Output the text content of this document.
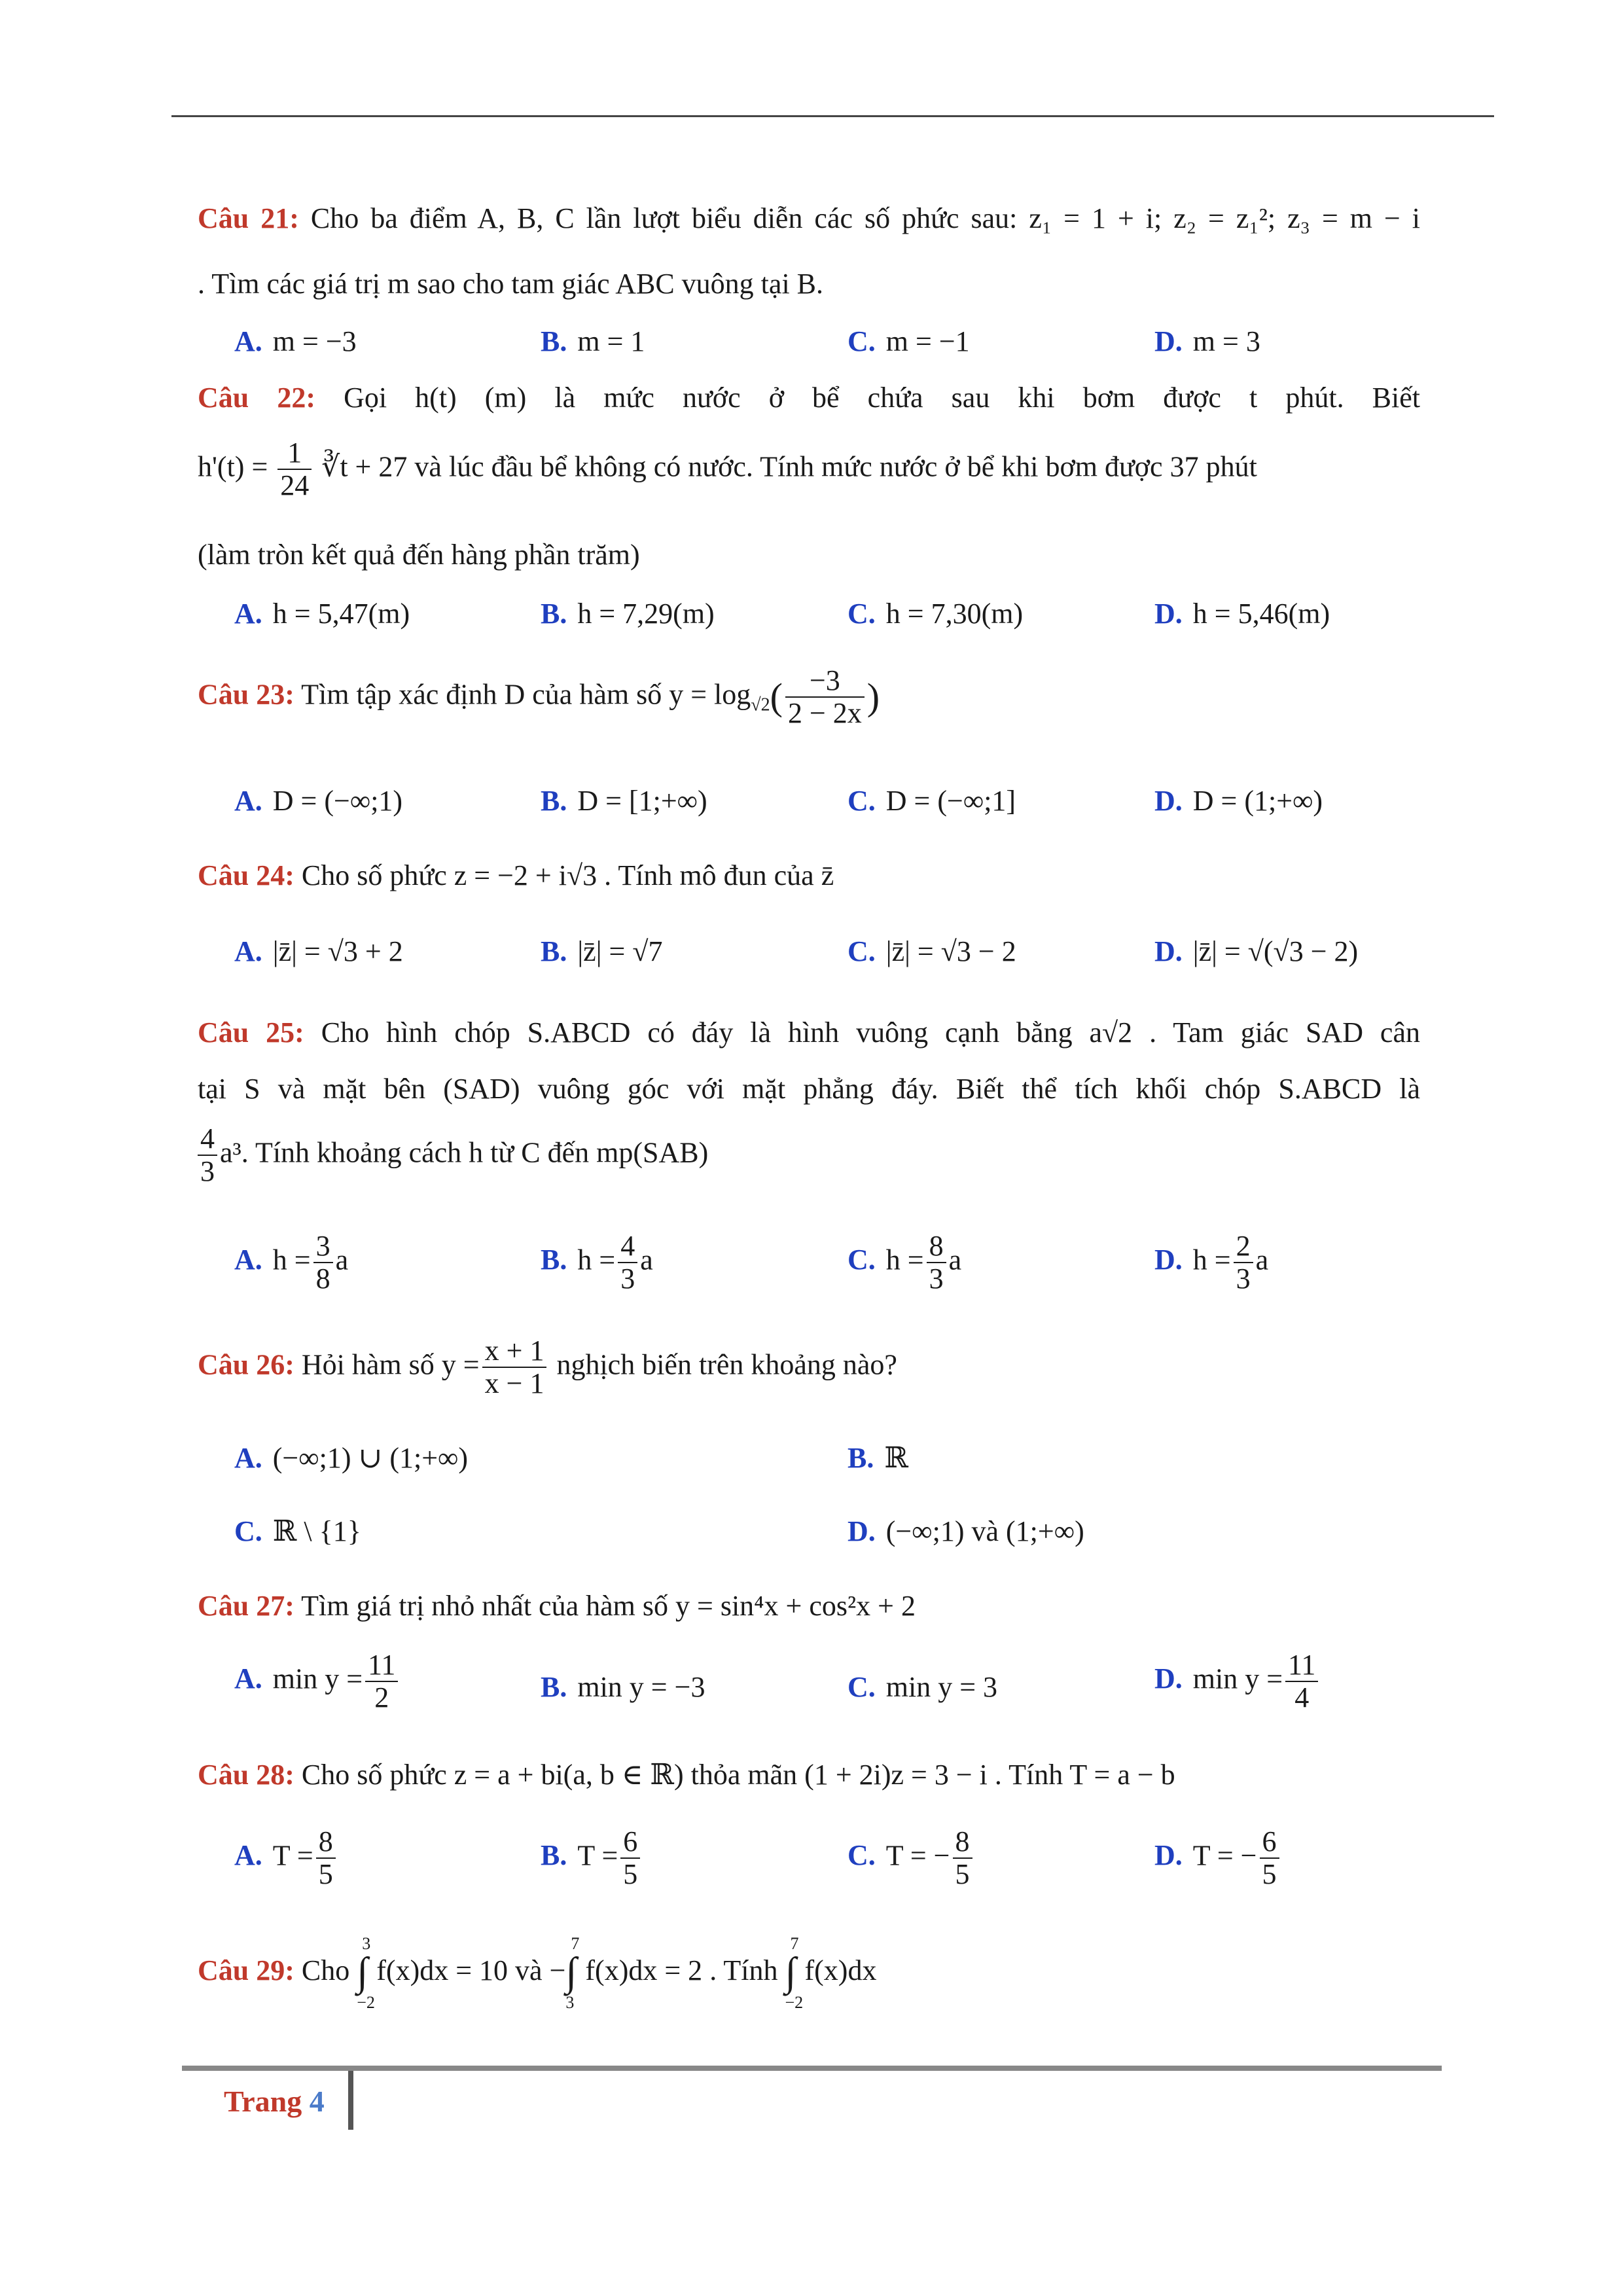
Câu 21: Cho ba điểm A, B, C lần lượt biểu diễn các số phức sau: z₁ = 1 + i; z₂ = z₁²; z₃ = m − i
. Tìm các giá trị m sao cho tam giác ABC vuông tại B.
A. m = −3	B. m = 1	C. m = −1	D. m = 3
Câu 22: Gọi h(t) (m) là mức nước ở bể chứa sau khi bơm được t phút. Biết
$h'(t) = \frac{1}{24}$ ∛t + 27 và lúc đầu bể không có nước. Tính mức nước ở bể khi bơm được 37 phút
(làm tròn kết quả đến hàng phần trăm)
A. h = 5,47(m)	B. h = 7,29(m)	C. h = 7,30(m)	D. h = 5,46(m)
Câu 23: Tìm tập xác định D của hàm số $y = \log_{√2}( \frac{-3}{2 - 2x}$ )
A. D = (−∞;1)	B. D = [1;+∞)	C. D = (−∞;1]	D. D = (1;+∞)
Câu 24: Cho số phức z = −2 + i√3 . Tính mô đun của z̄
A. |z̄| = √3 + 2	B. |z̄| = √7	C. |z̄| = √3 − 2	D. |z̄| = √(√3 − 2)
Câu 25: Cho hình chóp S.ABCD có đáy là hình vuông cạnh bằng a√2 . Tam giác SAD cân
tại S và mặt bên (SAD) vuông góc với mặt phẳng đáy. Biết thể tích khối chóp S.ABCD là
$\frac{4}{3} a^3$. Tính khoảng cách h từ C đến mp(SAB)
A. $h = \frac{3}{8}$ a	B. $h = \frac{4}{3}$ a	C. $h = \frac{8}{3}$ a	D. $h = \frac{2}{3}$ a
Câu 26: Hỏi hàm số $y = \frac{x + 1}{x - 1}$ nghịch biến trên khoảng nào?
A. (−∞;1) ∪ (1;+∞)	B. ℝ
C. ℝ \ {1}	D. (−∞;1) và (1;+∞)
Câu 27: Tìm giá trị nhỏ nhất của hàm số y = sin⁴x + cos²x + 2
A. $\min y = \frac{11}{2}$	B. min y = −3	C. min y = 3	D. $\min y = \frac{11}{4}$
Câu 28: Cho số phức z = a + bi(a, b ∈ ℝ) thỏa mãn (1 + 2i)z = 3 − i . Tính T = a − b
A. $T = \frac{8}{5}$	B. $T = \frac{6}{5}$	C. T = − $\frac{8}{5}$	D. T = − $\frac{6}{5}$
Câu 29: Cho
3
∫
−2
f(x)dx = 10 và −
7
∫
3
f(x)dx = 2 . Tính
7
∫
−2
f(x)dx
Trang 4
